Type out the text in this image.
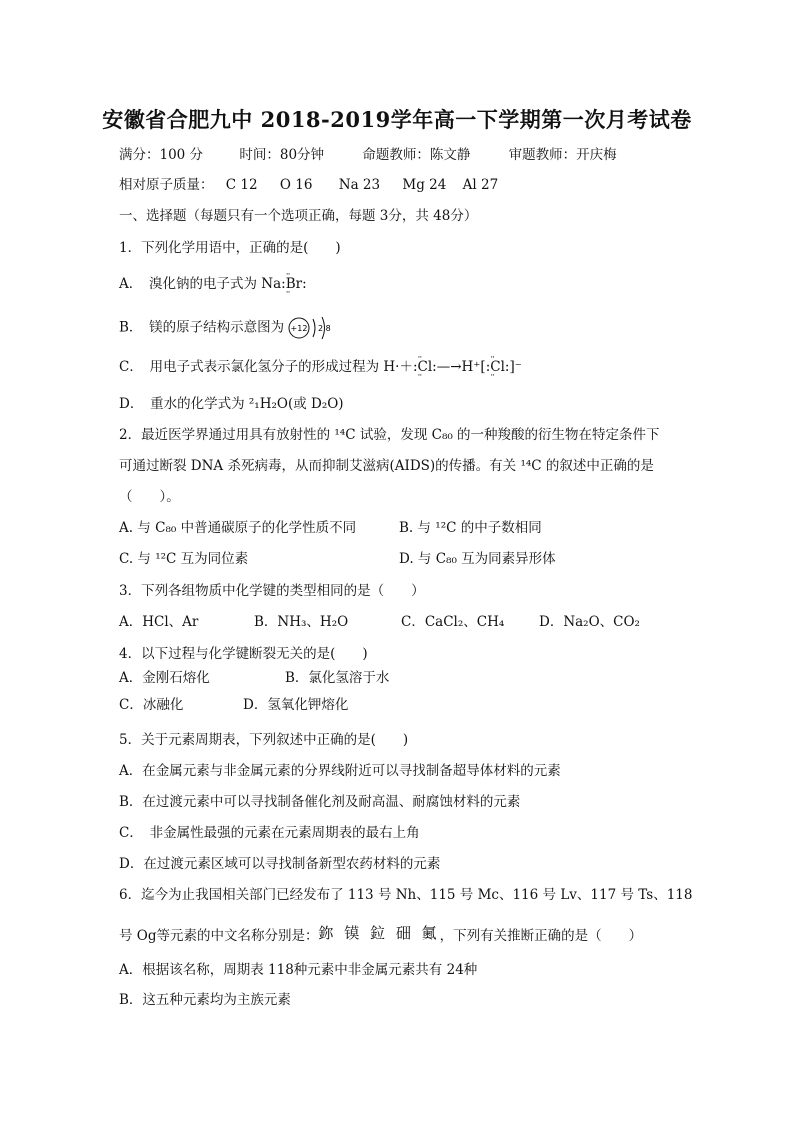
安徽省合肥九中 2018-2019学年高一下学期第一次月考试卷
满分：100 分	时间：80分钟	命题教师：陈文静	审题教师：开庆梅
相对原子质量： C 12 O 16 Na 23 Mg 24 Al 27
一、选择题（每题只有一个选项正确，每题 3分，共 48分）
1．下列化学用语中，正确的是(　　)
A．　溴化钠的电子式为 Na:·· Br ··:
B．　镁的原子结构示意图为 +12 2 8
C．　用电子式表示氯化氢分子的形成过程为 H·＋:·· Cl ··:—→H⁺[:·· Cl ··:]⁻
D．　重水的化学式为 ²₁H₂O(或 D₂O)
2．最近医学界通过用具有放射性的 ¹⁴C 试验，发现 C₈₀ 的一种羧酸的衍生物在特定条件下
可通过断裂 DNA 杀死病毒，从而抑制艾滋病(AIDS)的传播。有关 ¹⁴C 的叙述中正确的是
（　　）。
A. 与 C₈₀ 中普通碳原子的化学性质不同	B. 与 ¹²C 的中子数相同
C. 与 ¹²C 互为同位素	D. 与 C₈₀ 互为同素异形体
3．下列各组物质中化学键的类型相同的是（　　）
A．HCl、Ar	B．NH₃、H₂O	C．CaCl₂、CH₄	D．Na₂O、CO₂
4．以下过程与化学键断裂无关的是(　　)
A．金刚石熔化	B．氯化氢溶于水
C．冰融化	D．氢氧化钾熔化
5．关于元素周期表，下列叙述中正确的是(　　)
A．在金属元素与非金属元素的分界线附近可以寻找制备超导体材料的元素
B．在过渡元素中可以寻找制备催化剂及耐高温、耐腐蚀材料的元素
C．　非金属性最强的元素在元素周期表的最右上角
D．在过渡元素区域可以寻找制备新型农药材料的元素
6．迄今为止我国相关部门已经发布了 113 号 Nh、115 号 Mc、116 号 Lv、117 号 Ts、118
号 Og等元素的中文名称分别是：鉨 镆 鉝 鿬 鿫，下列有关推断正确的是（　　）
A．根据该名称，周期表 118种元素中非金属元素共有 24种
B．这五种元素均为主族元素
